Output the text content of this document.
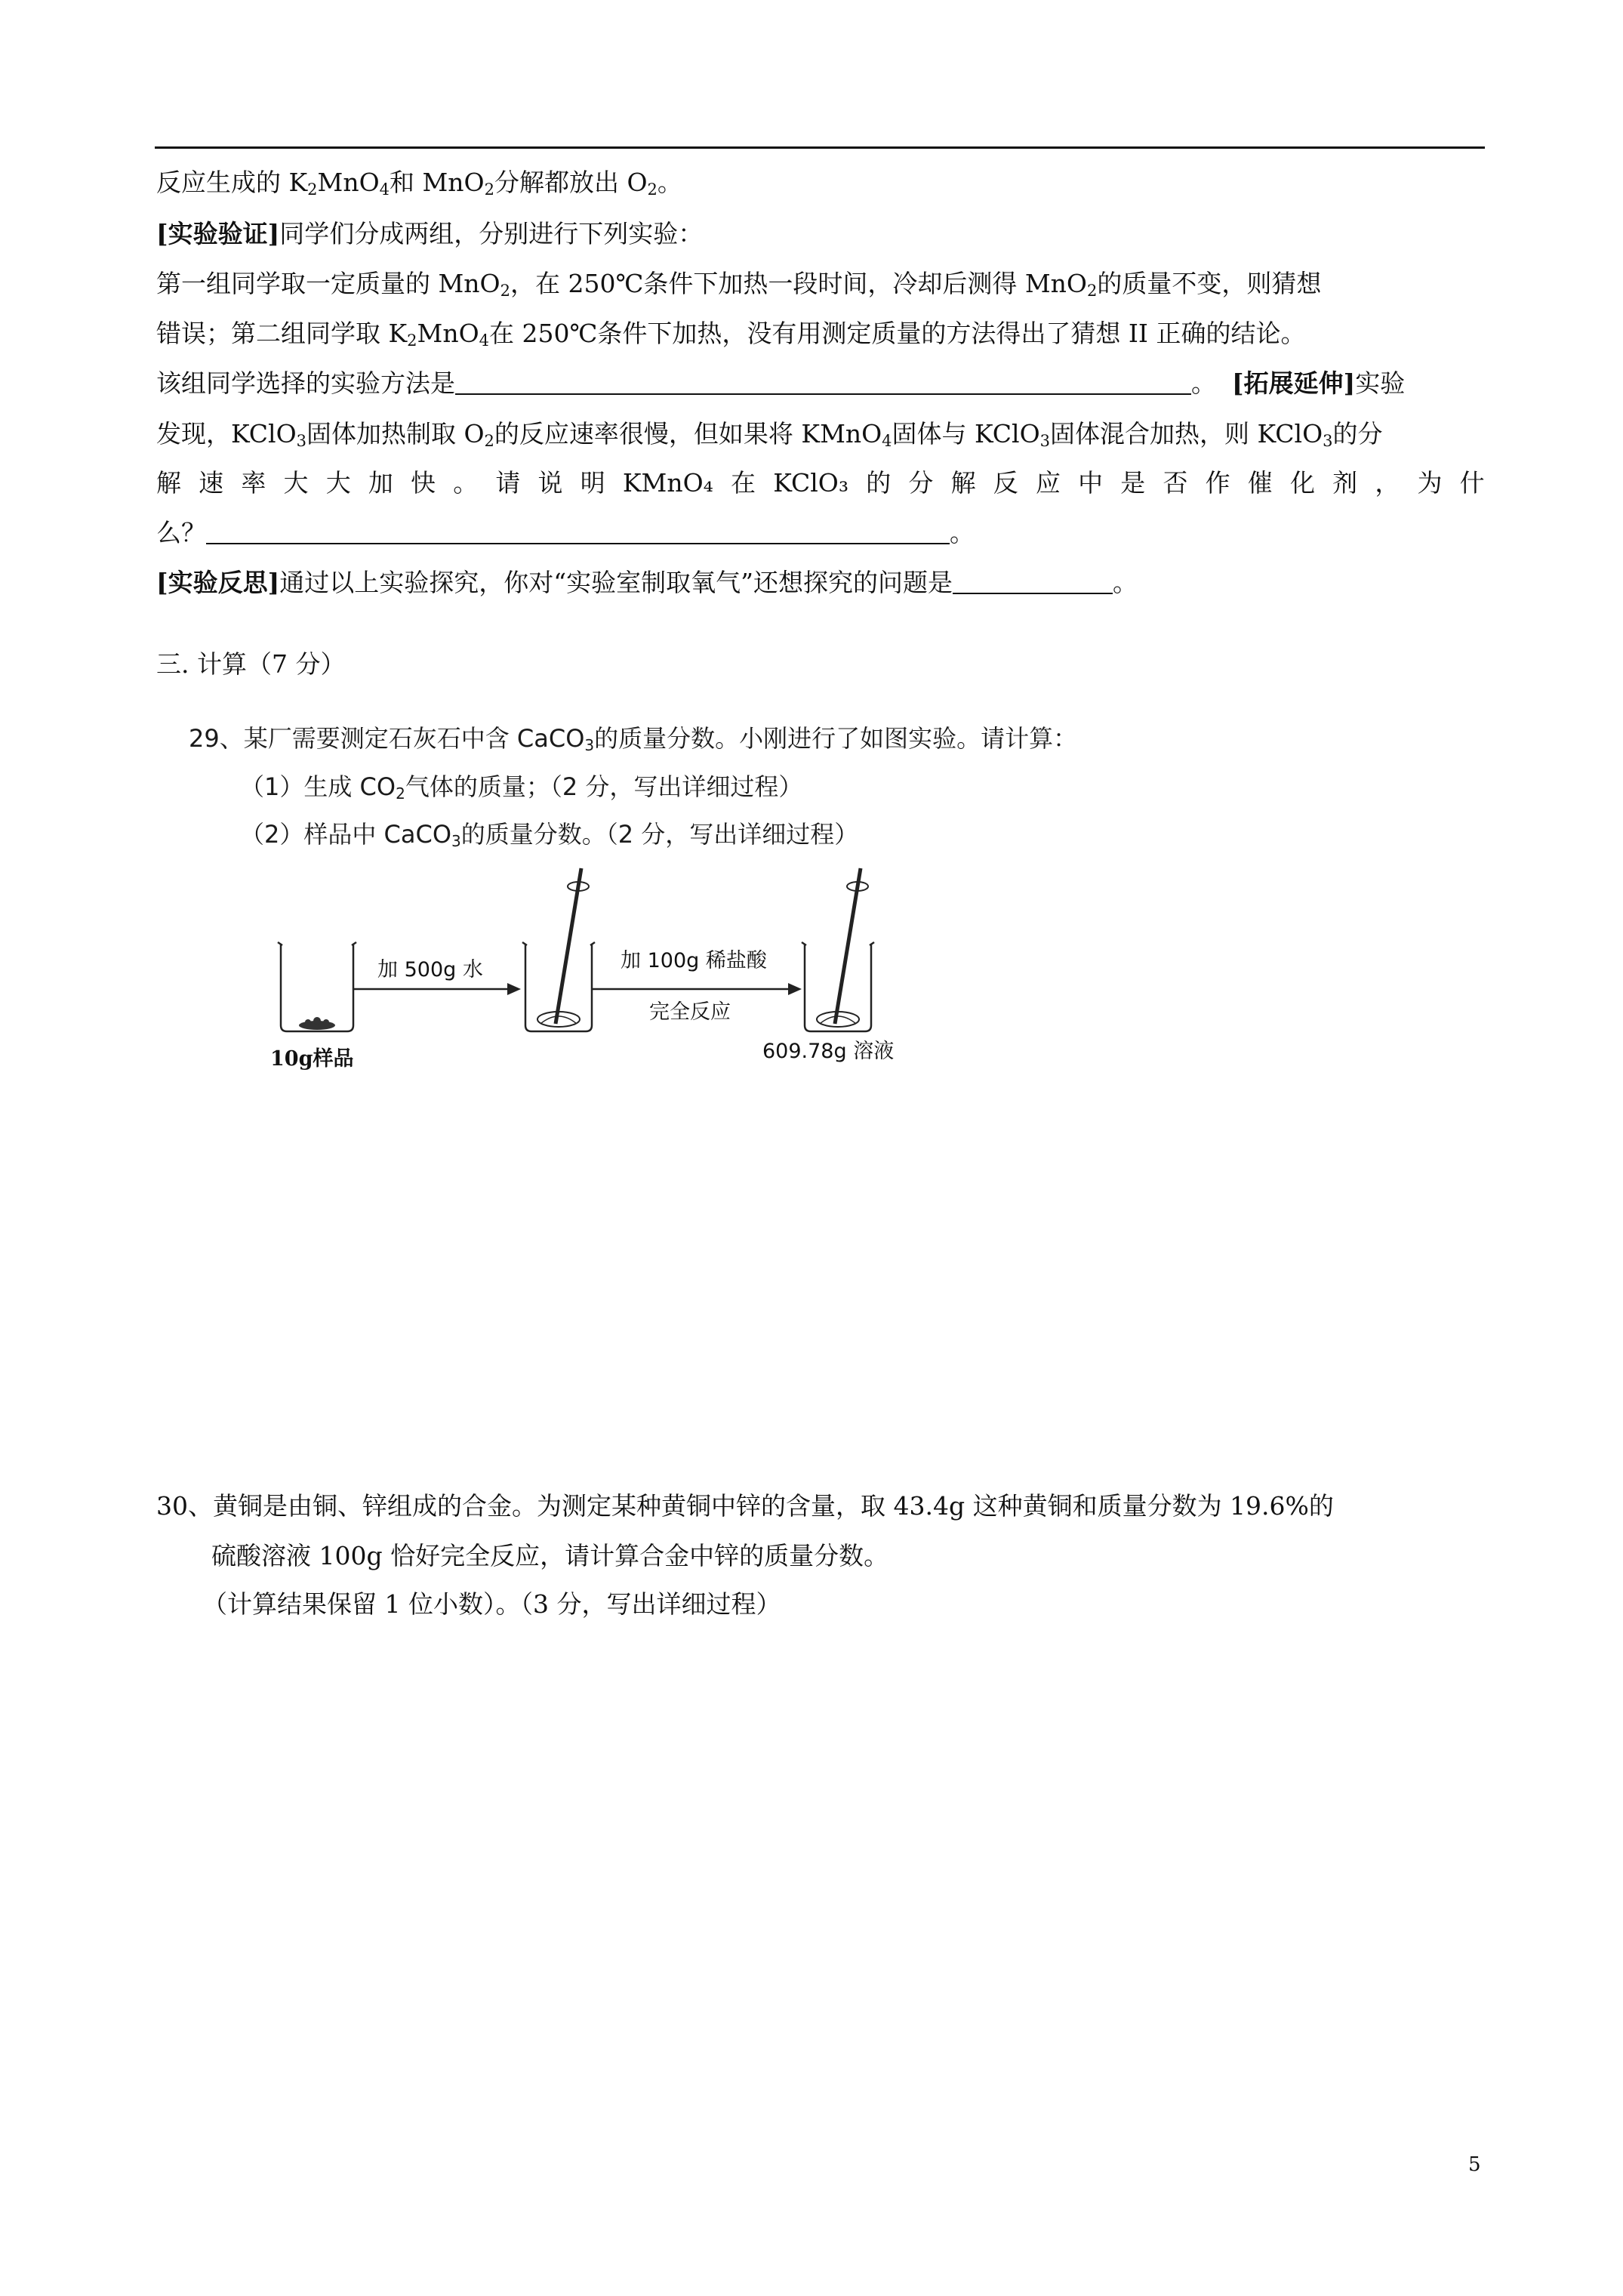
反应生成的 $K_2MnO_4$和 MnO$_2$分解都放出 $O_2$。
[实验验证]同学们分成两组，分别进行下列实验：
第一组同学取一定质量的 MnO$_2$，在 250℃条件下加热一段时间，冷却后测得 MnO$_2$的质量不变，则猜想
错误；第二组同学取 $K_2MnO_4$在 250℃条件下加热，没有用测定质量的方法得出了猜想 II 正确的结论。
该组同学选择的实验方法是	。 [拓展延伸]实验
发现，KClO$_3$固体加热制取 $O_2$的反应速率很慢，但如果将 KMnO$_4$固体与 KClO$_3$固体混合加热，则 KClO$_3$的分
解 速 率 大 大 加 快 。 请 说 明 KMnO₄ 在 KClO₃ 的 分 解 反 应 中 是 否 作 催 化 剂 ， 为 什
么？	。
[实验反思]通过以上实验探究，你对“实验室制取氧气”还想探究的问题是	。
三. 计算（7 分）
29、某厂需要测定石灰石中含 CaCO$_3$的质量分数。小刚进行了如图实验。请计算：
（1）生成 $CO_2$气体的质量；（2 分，写出详细过程）
（2）样品中 CaCO$_3$的质量分数。（2 分，写出详细过程）
10g样品
加 500g 水	加 100g 稀盐酸
完全反应
609.78g 溶液
30、黄铜是由铜、锌组成的合金。为测定某种黄铜中锌的含量，取 43.4g 这种黄铜和质量分数为 19.6%的
硫酸溶液 100g 恰好完全反应，请计算合金中锌的质量分数。
（计算结果保留 1 位小数）。（3 分，写出详细过程）
5
